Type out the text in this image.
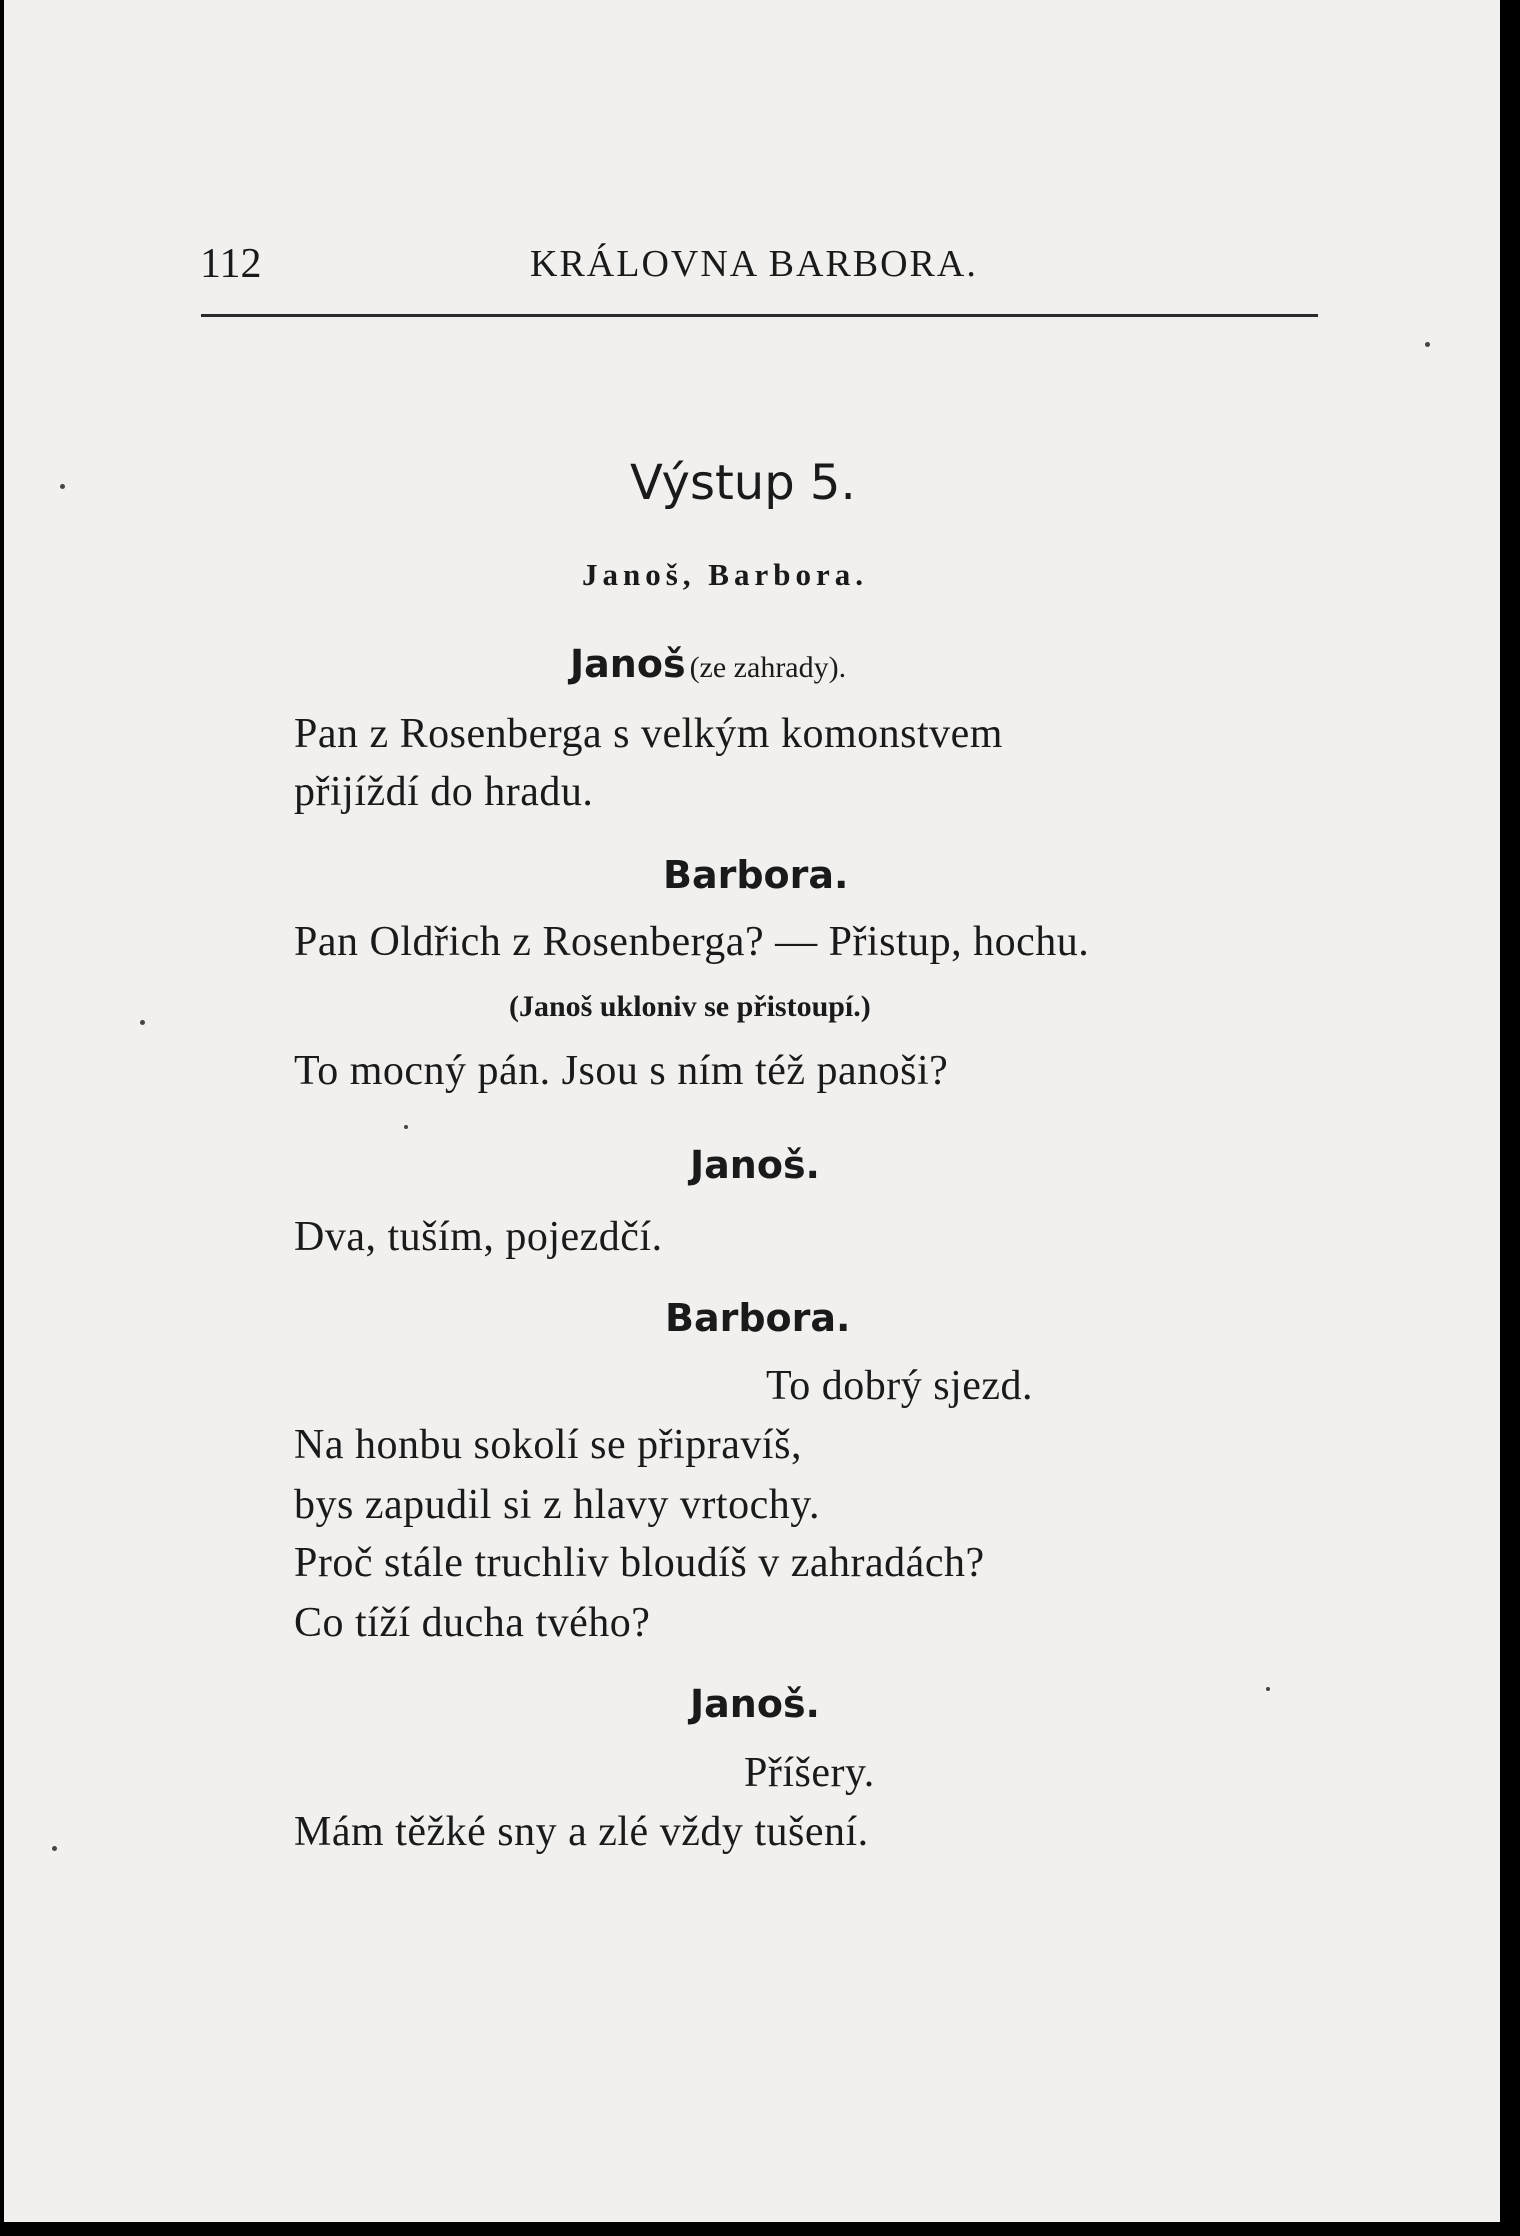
112	KRÁLOVNA BARBORA.
Výstup 5.
Janoš, Barbora.
Janoš (ze zahrady).
Pan z Rosenberga s velkým komonstvem
přijíždí do hradu.
Barbora.
Pan Oldřich z Rosenberga? — Přistup, hochu.
(Janoš ukloniv se přistoupí.)
To mocný pán. Jsou s ním též panoši?
Janoš.
Dva, tuším, pojezdčí.
Barbora.
To dobrý sjezd.
Na honbu sokolí se připravíš,
bys zapudil si z hlavy vrtochy.
Proč stále truchliv bloudíš v zahradách?
Co tíží ducha tvého?
Janoš.
Příšery.
Mám těžké sny a zlé vždy tušení.
